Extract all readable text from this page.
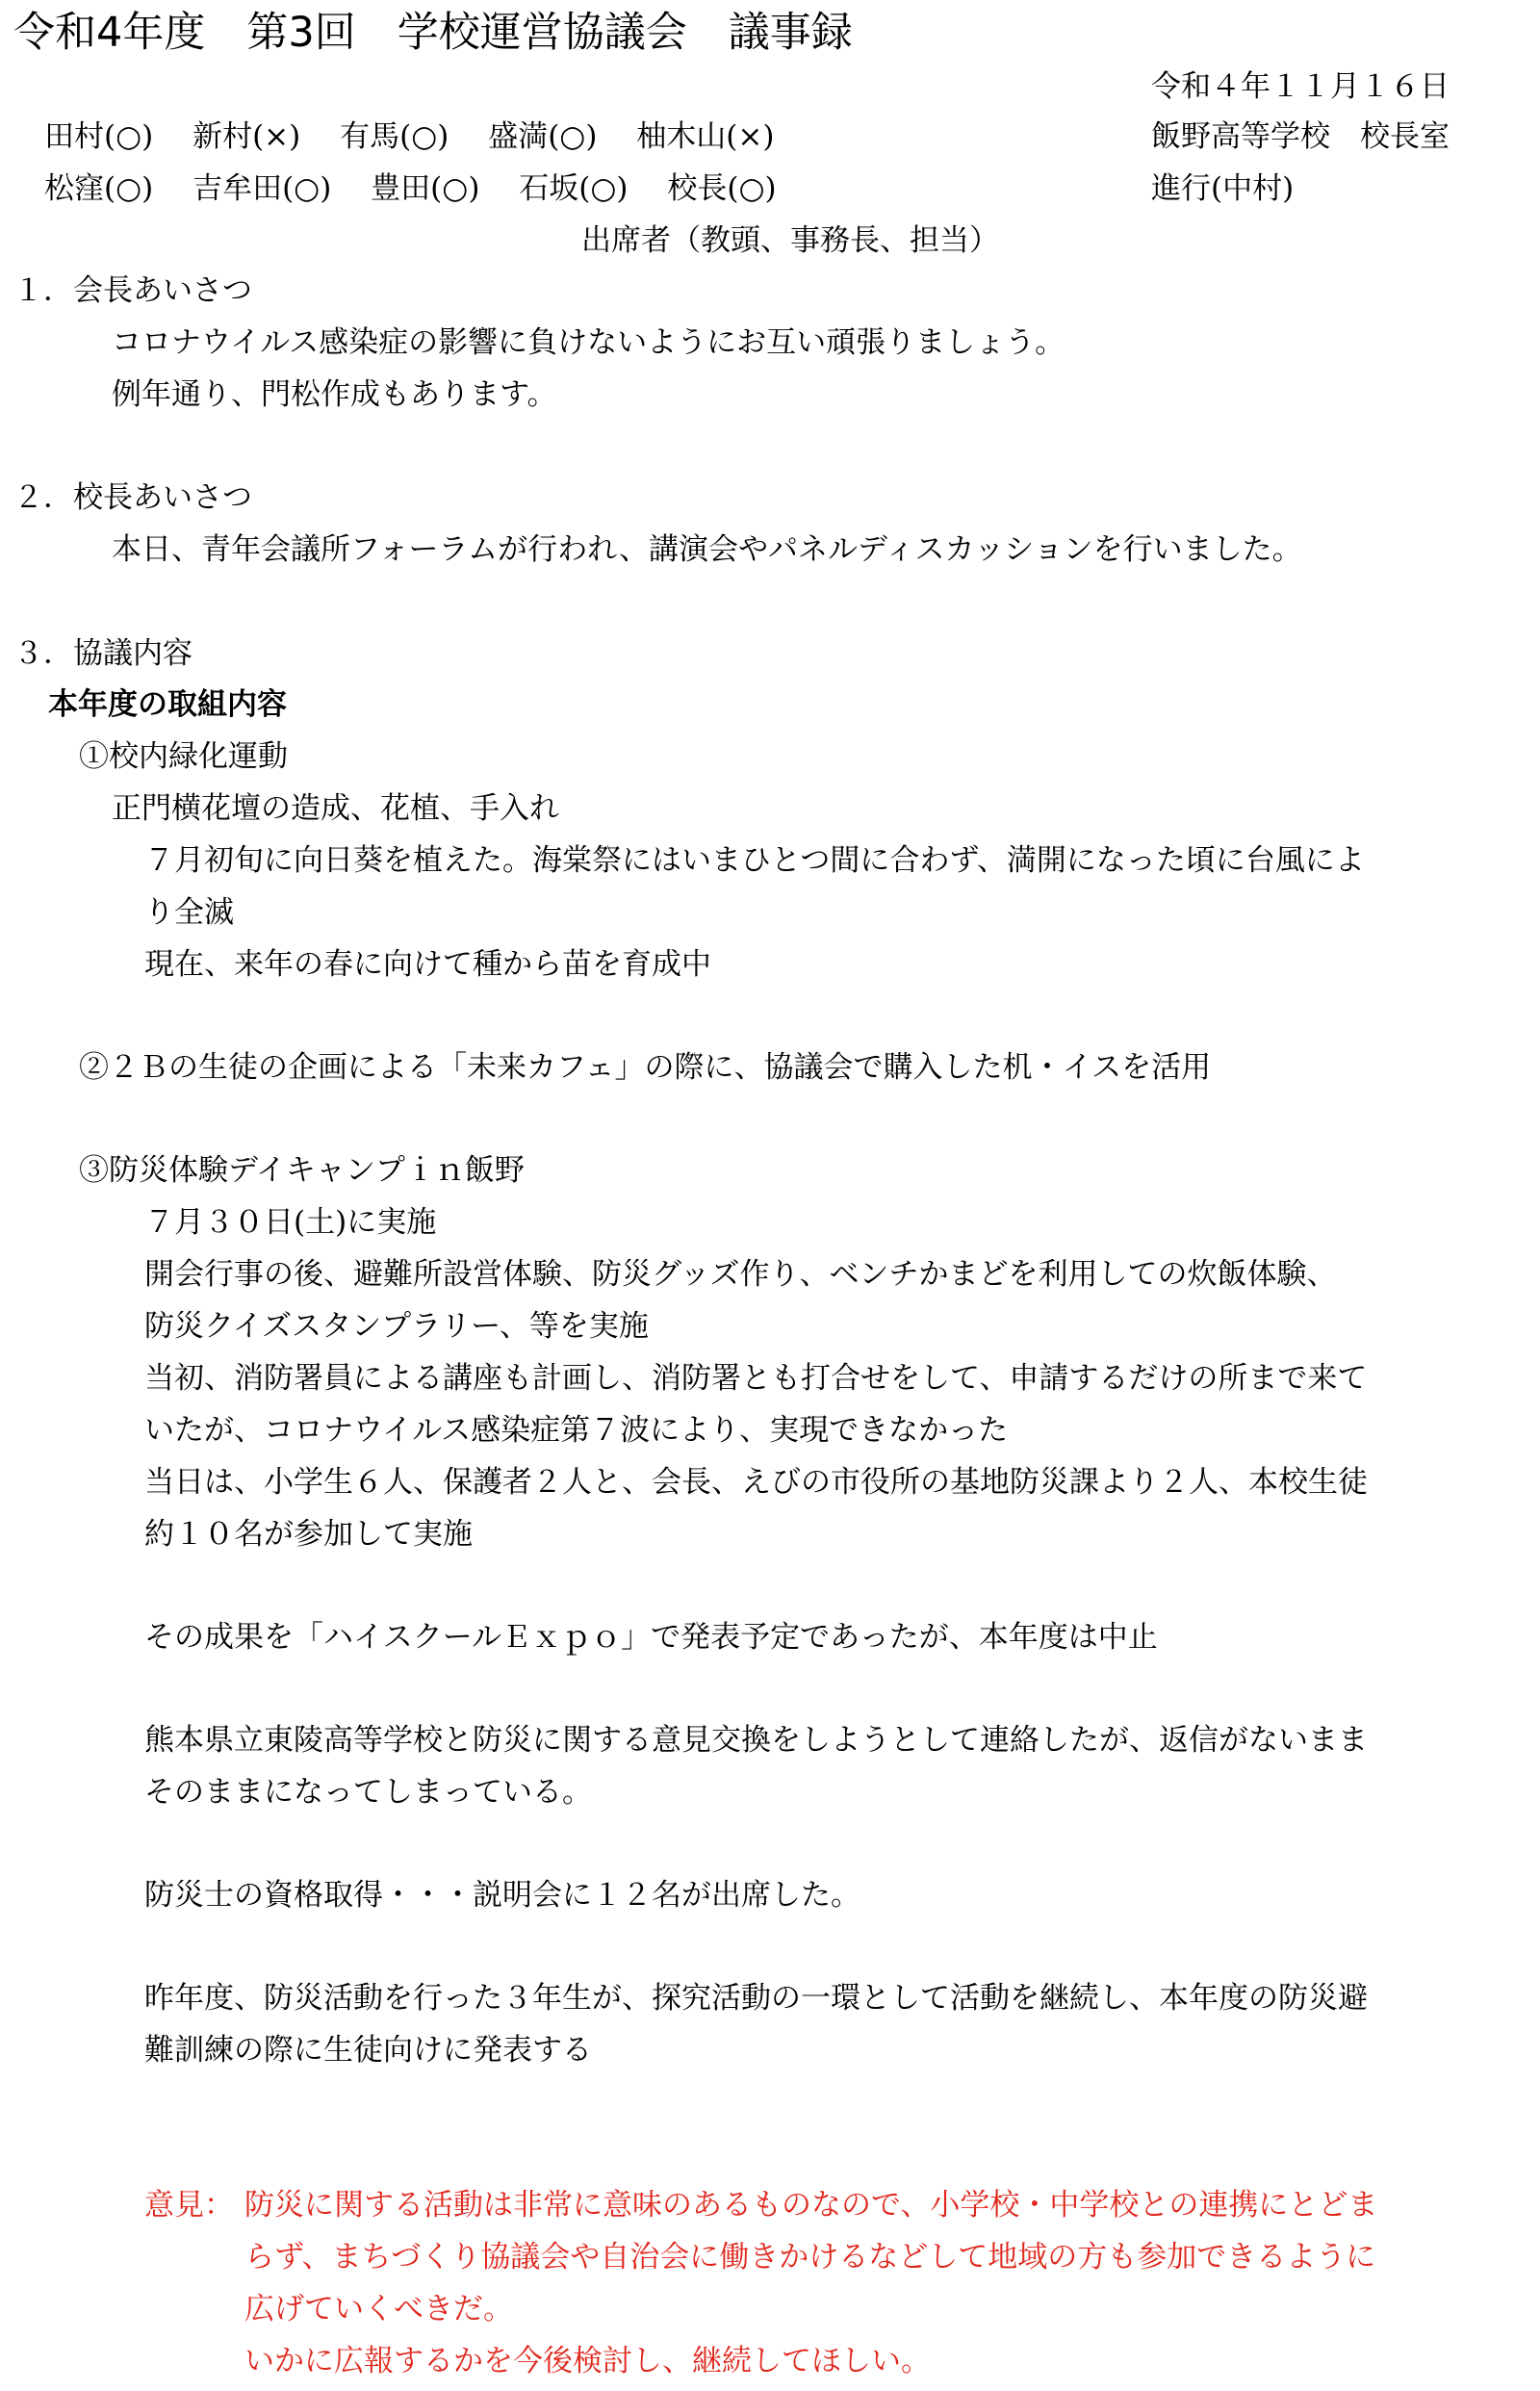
令和4年度　第3回　学校運営協議会　議事録
令和４年１１月１６日
田村(○)　 新村(×)　 有馬(○)　 盛満(○)　 柚木山(×)	飯野高等学校　校長室
松窪(○)　 吉牟田(○)　 豊田(○)　 石坂(○)　 校長(○)	進行(中村)
出席者（教頭、事務長、担当）
１．会長あいさつ
コロナウイルス感染症の影響に負けないようにお互い頑張りましょう。
例年通り、門松作成もあります。
２．校長あいさつ
本日、青年会議所フォーラムが行われ、講演会やパネルディスカッションを行いました。
３．協議内容
本年度の取組内容
①校内緑化運動
正門横花壇の造成、花植、手入れ
７月初旬に向日葵を植えた。海棠祭にはいまひとつ間に合わず、満開になった頃に台風によ
り全滅
現在、来年の春に向けて種から苗を育成中
②２Ｂの生徒の企画による「未来カフェ」の際に、協議会で購入した机・イスを活用
③防災体験デイキャンプｉｎ飯野
７月３０日(土)に実施
開会行事の後、避難所設営体験、防災グッズ作り、ベンチかまどを利用しての炊飯体験、
防災クイズスタンプラリー、等を実施
当初、消防署員による講座も計画し、消防署とも打合せをして、申請するだけの所まで来て
いたが、コロナウイルス感染症第７波により、実現できなかった
当日は、小学生６人、保護者２人と、会長、えびの市役所の基地防災課より２人、本校生徒
約１０名が参加して実施
その成果を「ハイスクールＥｘｐｏ」で発表予定であったが、本年度は中止
熊本県立東陵高等学校と防災に関する意見交換をしようとして連絡したが、返信がないまま
そのままになってしまっている。
防災士の資格取得・・・説明会に１２名が出席した。
昨年度、防災活動を行った３年生が、探究活動の一環として活動を継続し、本年度の防災避
難訓練の際に生徒向けに発表する
意見： 防災に関する活動は非常に意味のあるものなので、小学校・中学校との連携にとどま
らず、まちづくり協議会や自治会に働きかけるなどして地域の方も参加できるように
広げていくべきだ。
いかに広報するかを今後検討し、継続してほしい。
